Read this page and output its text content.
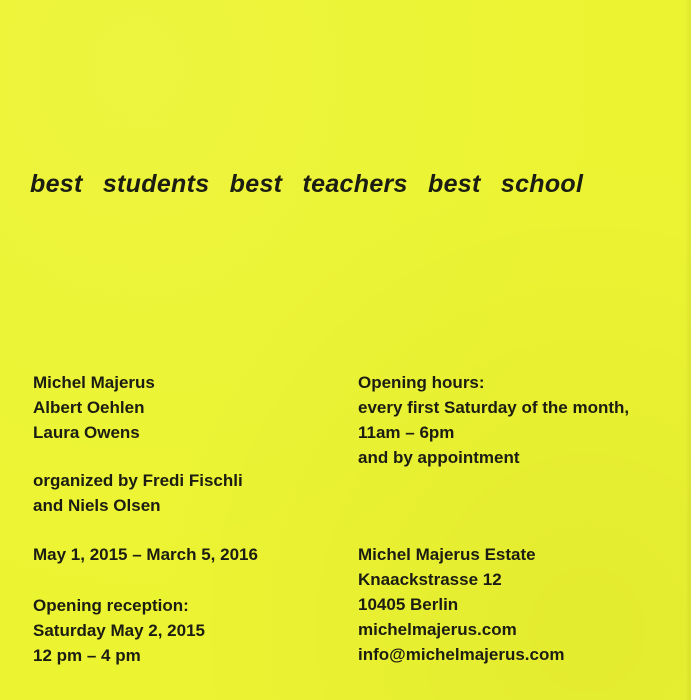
best students best teachers best school
Michel Majerus
Albert Oehlen
Laura Owens
organized by Fredi Fischli
and Niels Olsen
May 1, 2015 – March 5, 2016
Opening reception:
Saturday May 2, 2015
12 pm – 4 pm
Opening hours:
every first Saturday of the month,
11am – 6pm
and by appointment
Michel Majerus Estate
Knaackstrasse 12
10405 Berlin
michelmajerus.com
info@michelmajerus.com
